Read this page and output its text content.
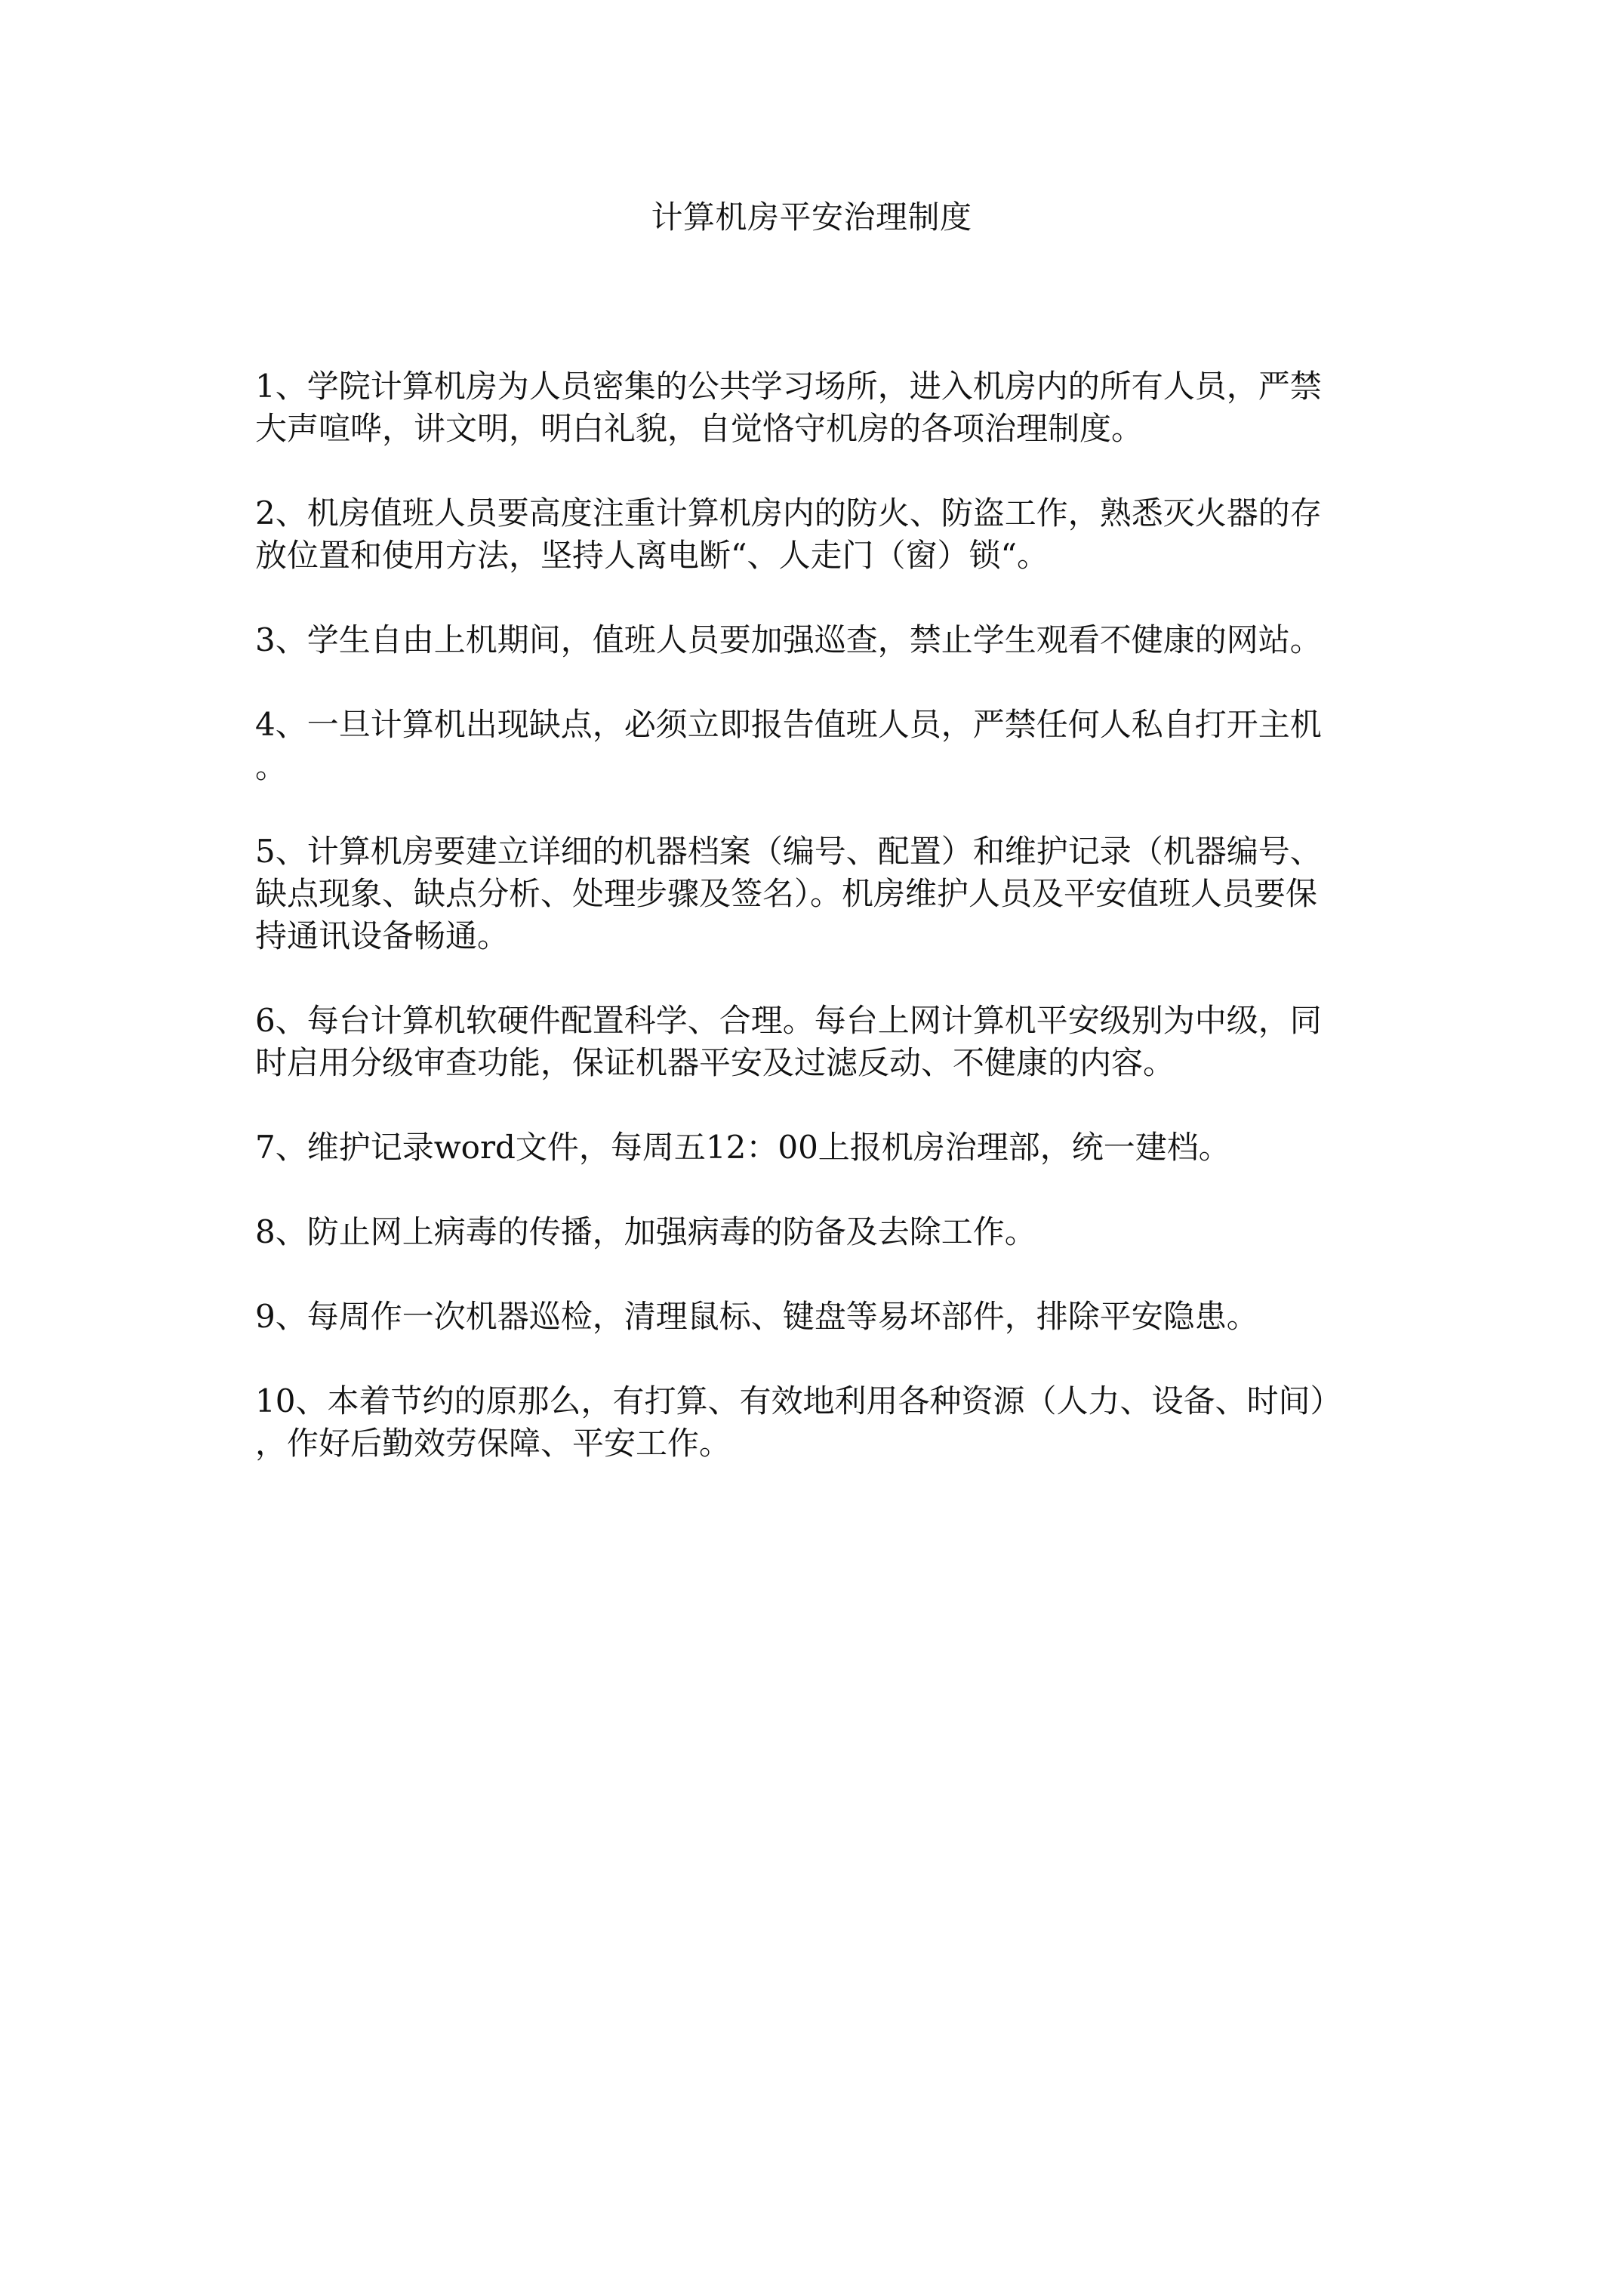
计算机房平安治理制度

1、学院计算机房为人员密集的公共学习场所，进入机房内的所有人员，严禁
大声喧哗，讲文明，明白礼貌，自觉恪守机房的各项治理制度。

2、机房值班人员要高度注重计算机房内的防火、防盗工作，熟悉灭火器的存
放位置和使用方法，坚持人离电断“、人走门（窗）锁“。

3、学生自由上机期间，值班人员要加强巡查，禁止学生观看不健康的网站。

4、一旦计算机出现缺点，必须立即报告值班人员，严禁任何人私自打开主机
。

5、计算机房要建立详细的机器档案（编号、配置）和维护记录（机器编号、
缺点现象、缺点分析、处理步骤及签名）。机房维护人员及平安值班人员要保
持通讯设备畅通。

6、每台计算机软硬件配置科学、合理。每台上网计算机平安级别为中级，同
时启用分级审查功能，保证机器平安及过滤反动、不健康的内容。

7、维护记录word文件，每周五12：00上报机房治理部，统一建档。

8、防止网上病毒的传播，加强病毒的防备及去除工作。

9、每周作一次机器巡检，清理鼠标、键盘等易坏部件，排除平安隐患。

10、本着节约的原那么，有打算、有效地利用各种资源（人力、设备、时间）
，作好后勤效劳保障、平安工作。
